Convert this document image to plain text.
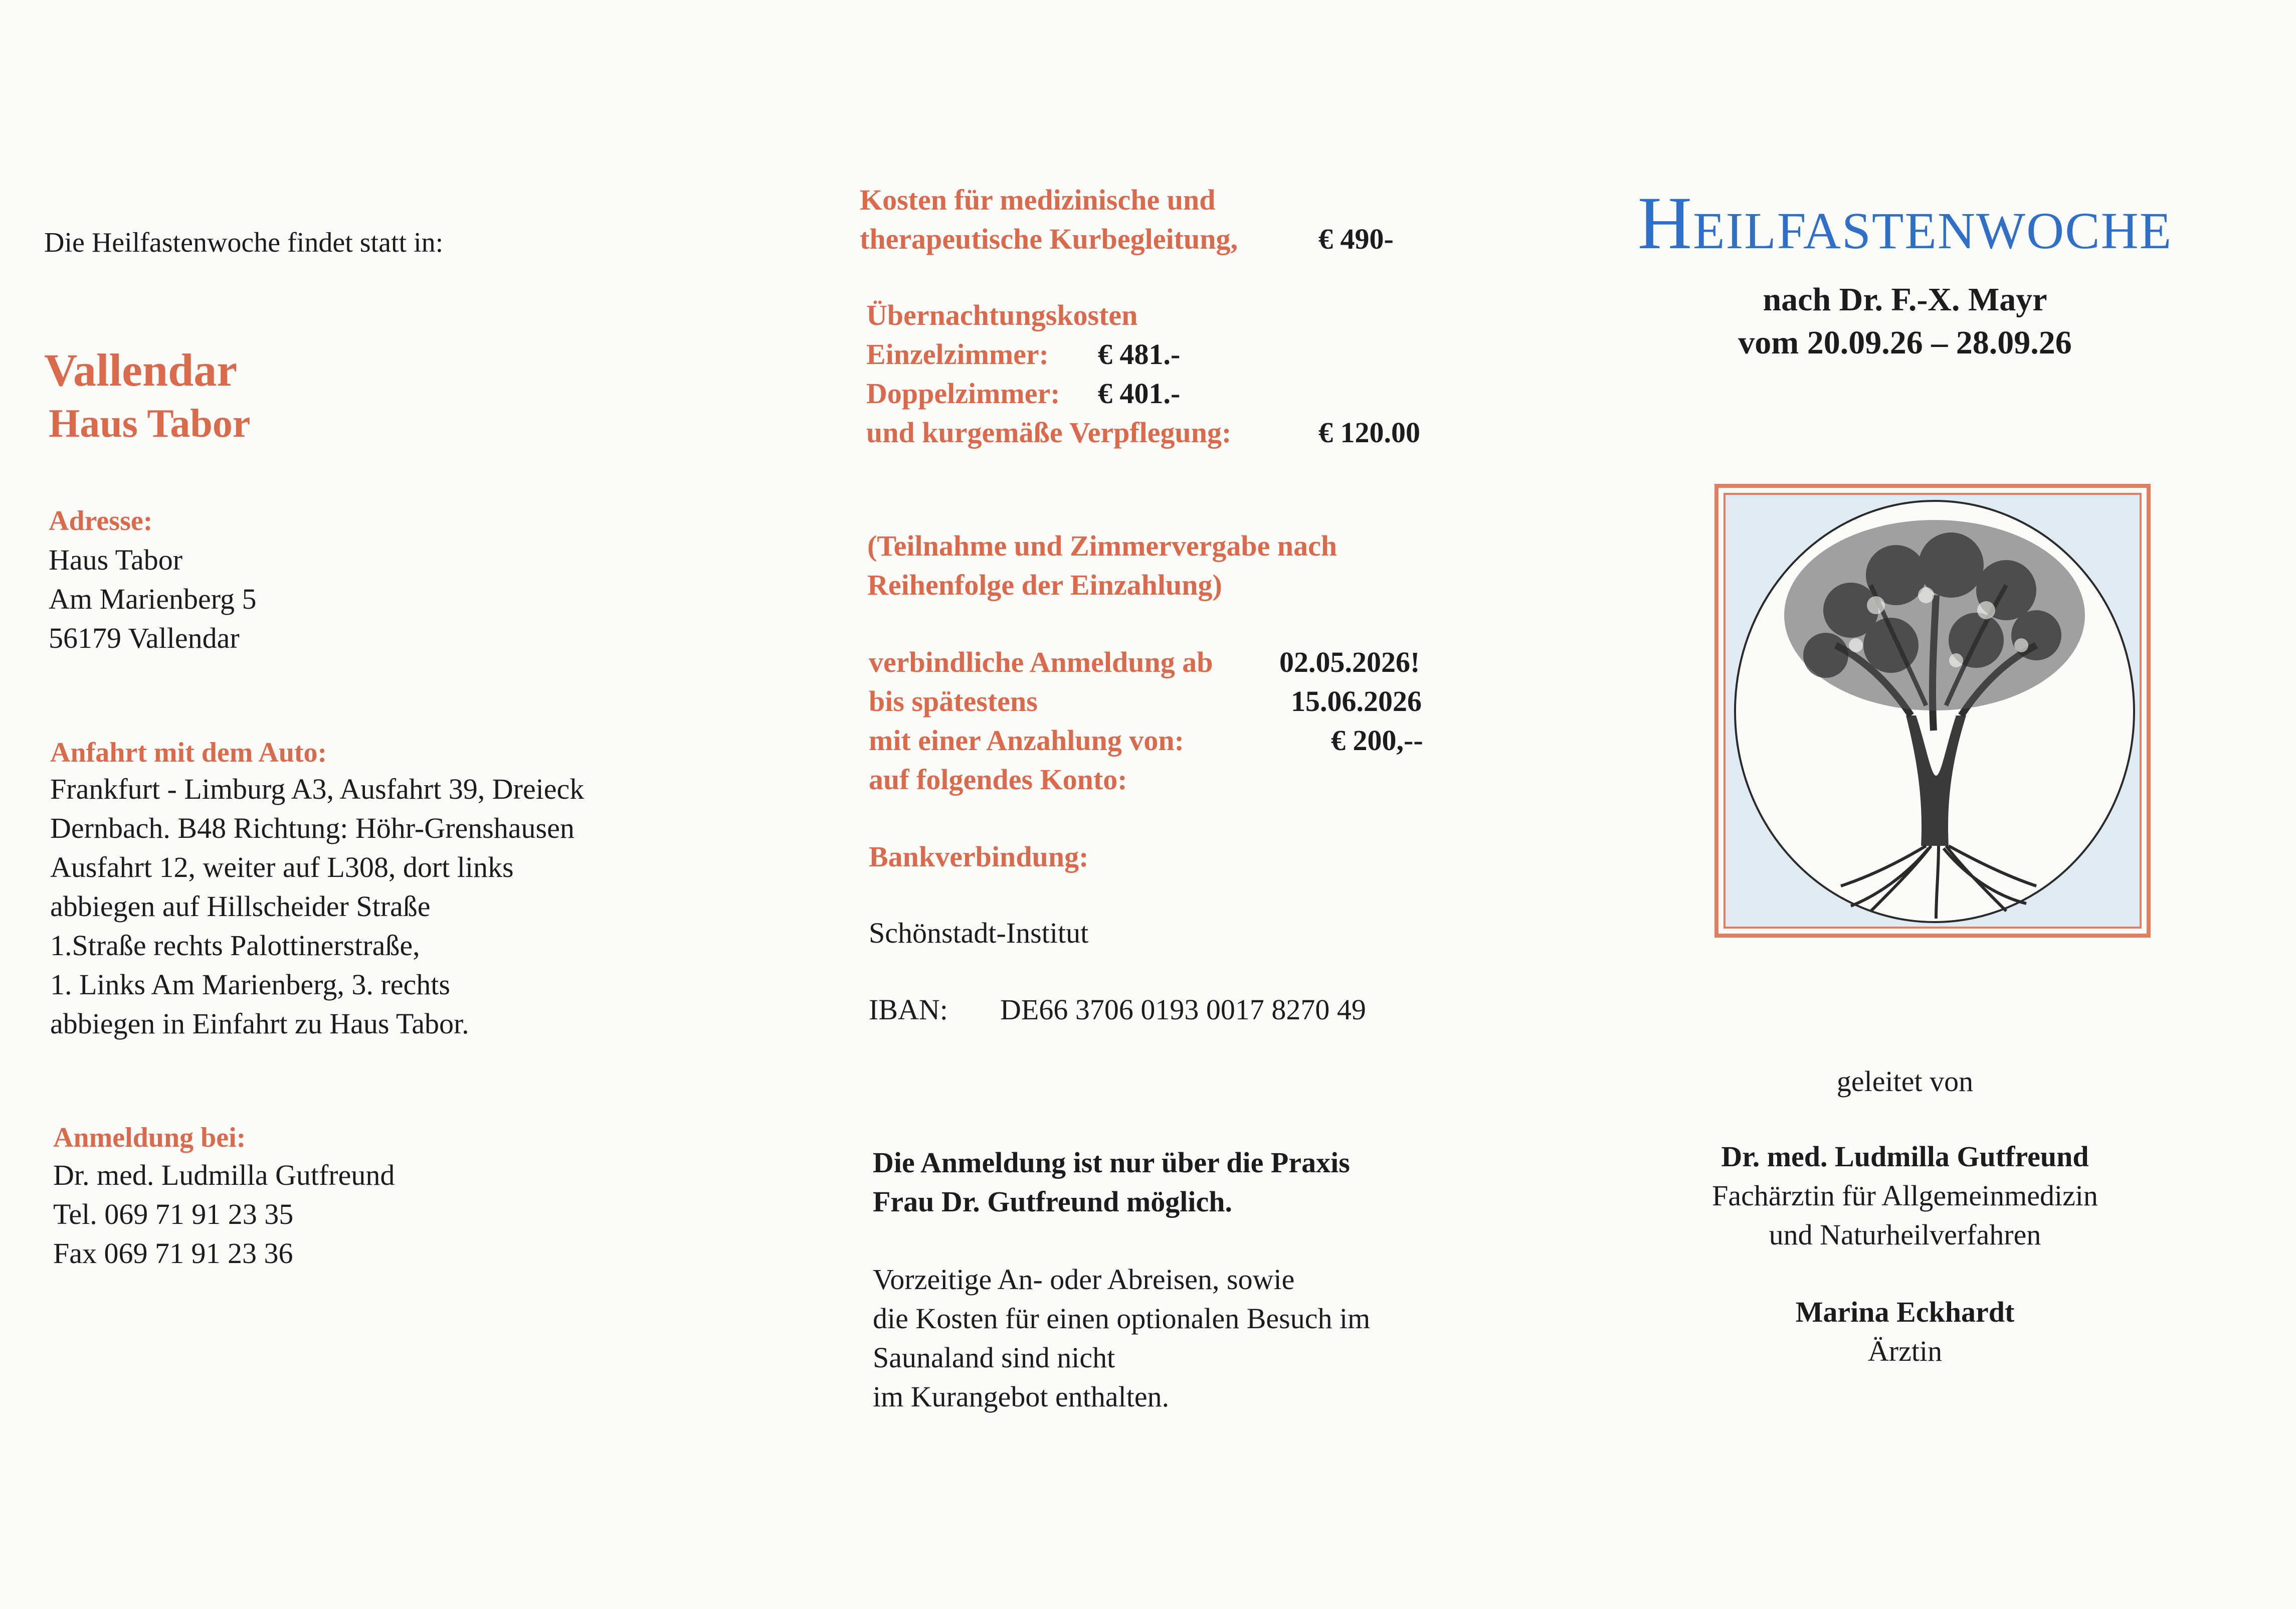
Die Heilfastenwoche findet statt in:
Vallendar
Haus Tabor
Adresse:
Haus Tabor
Am Marienberg 5
56179 Vallendar
Anfahrt mit dem Auto:
Frankfurt - Limburg A3, Ausfahrt 39, Dreieck
Dernbach. B48 Richtung: Höhr-Grenshausen
Ausfahrt 12, weiter auf L308, dort links
abbiegen auf Hillscheider Straße
1.Straße rechts Palottinerstraße,
1. Links Am Marienberg, 3. rechts
abbiegen in Einfahrt zu Haus Tabor.
Anmeldung bei:
Dr. med. Ludmilla Gutfreund
Tel. 069 71 91 23 35
Fax 069 71 91 23 36
Kosten für medizinische und
therapeutische Kurbegleitung,	€ 490-
Übernachtungskosten
Einzelzimmer: € 481.-
Doppelzimmer: € 401.-
und kurgemäße Verpflegung:	€ 120.00
(Teilnahme und Zimmervergabe nach
Reihenfolge der Einzahlung)
verbindliche Anmeldung ab 02.05.2026!
bis spätestens	15.06.2026
mit einer Anzahlung von:	€ 200,--
auf folgendes Konto:
Bankverbindung:
Schönstadt-Institut
IBAN: DE66 3706 0193 0017 8270 49
Die Anmeldung ist nur über die Praxis
Frau Dr. Gutfreund möglich.
Vorzeitige An- oder Abreisen, sowie
die Kosten für einen optionalen Besuch im
Saunaland sind nicht
im Kurangebot enthalten.
HEILFASTENWOCHE
nach Dr. F.-X. Mayr
vom 20.09.26 – 28.09.26
geleitet von
Dr. med. Ludmilla Gutfreund
Fachärztin für Allgemeinmedizin
und Naturheilverfahren
Marina Eckhardt
Ärztin
